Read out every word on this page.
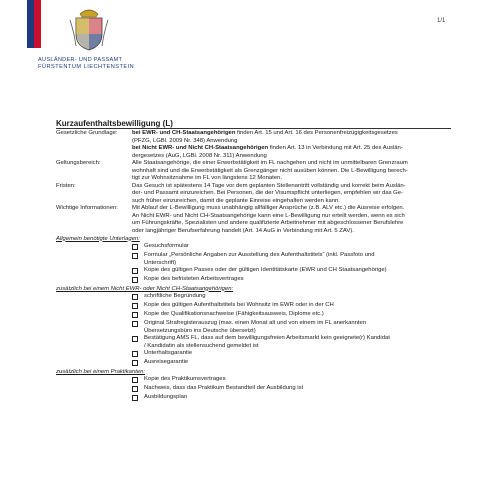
AUSLÄNDER- UND PASSAMT
FÜRSTENTUM LIECHTENSTEIN
1/1
Kurzaufenthaltsbewilligung (L)
Gesetzliche Grundlage:	bei EWR- und CH-Staatsangehörigen finden Art. 15 und Art. 16 des Personenfreizügigkeitsgesetzes
(PFZG, LGBl. 2009 Nr. 348) Anwendung
bei Nicht EWR- und Nicht CH-Staatsangehörigen finden Art. 13 in Verbindung mit Art. 25 des Auslän-
dergesetzes (AuG, LGBl. 2008 Nr. 311) Anwendung
Geltungsbereich:	Alle Staatsangehörige, die einer Erwerbstätigkeit im FL nachgehen und nicht im unmittelbaren Grenzraum
wohnhaft sind und die Erwerbstätigkeit als Grenzgänger nicht ausüben können. Die L-Bewilligung berech-
tigt zur Wohnsitznahme im FL von längstens 12 Monaten.
Fristen:	Das Gesuch ist spätestens 14 Tage vor dem geplanten Stellenantritt vollständig und korrekt beim Auslän-
der- und Passamt einzureichen. Bei Personen, die der Visumspflicht unterliegen, empfehlen wir das Ge-
such früher einzureichen, damit die geplante Einreise eingehalten werden kann.
Wichtige Informationen:	Mit Ablauf der L-Bewilligung muss unabhängig allfälliger Ansprüche (z.B. ALV etc.) die Ausreise erfolgen.
An Nicht EWR- und Nicht CH-Staatsangehörige kann eine L-Bewilligung nur erteilt werden, wenn es sich
um Führungskräfte, Spezialisten und andere qualifizierte Arbeitnehmer mit abgeschlossener Berufslehre
oder langjähriger Berufserfahrung handelt (Art. 14 AuG in Verbindung mit Art. 5 ZAV).
Allgemein benötigte Unterlagen:
Gesuchsformular
Formular „Persönliche Angaben zur Ausstellung des Aufenthaltstitels“ (inkl. Passfoto und
Unterschrift)
Kopie des gültigen Passes oder der gültigen Identitätskarte (EWR und CH Staatsangehörige)
Kopie des befristeten Arbeitsvertrages
zusätzlich bei einem Nicht EWR- oder Nicht CH-Staatsangehörigen:
schriftliche Begründung
Kopie des gültigen Aufenthaltstitels bei Wohnsitz im EWR oder in der CH
Kopie der Qualifikationsnachweise (Fähigkeitsausweis, Diplome etc.)
Original Strafregisterauszug (max. einen Monat alt und von einem im FL anerkannten
Übersetzungsbüro ins Deutsche übersetzt)
Bestätigung AMS FL, dass auf dem bewilligungsfreien Arbeitsmarkt kein geeignete(r) Kandidat
/ Kandidatin als stellensuchend gemeldet ist
Unterhaltsgarantie
Ausreisegarantie
zusätzlich bei einem Praktikanten:
Kopie des Praktikumsvertrages
Nachweis, dass das Praktikum Bestandteil der Ausbildung ist
Ausbildungsplan
